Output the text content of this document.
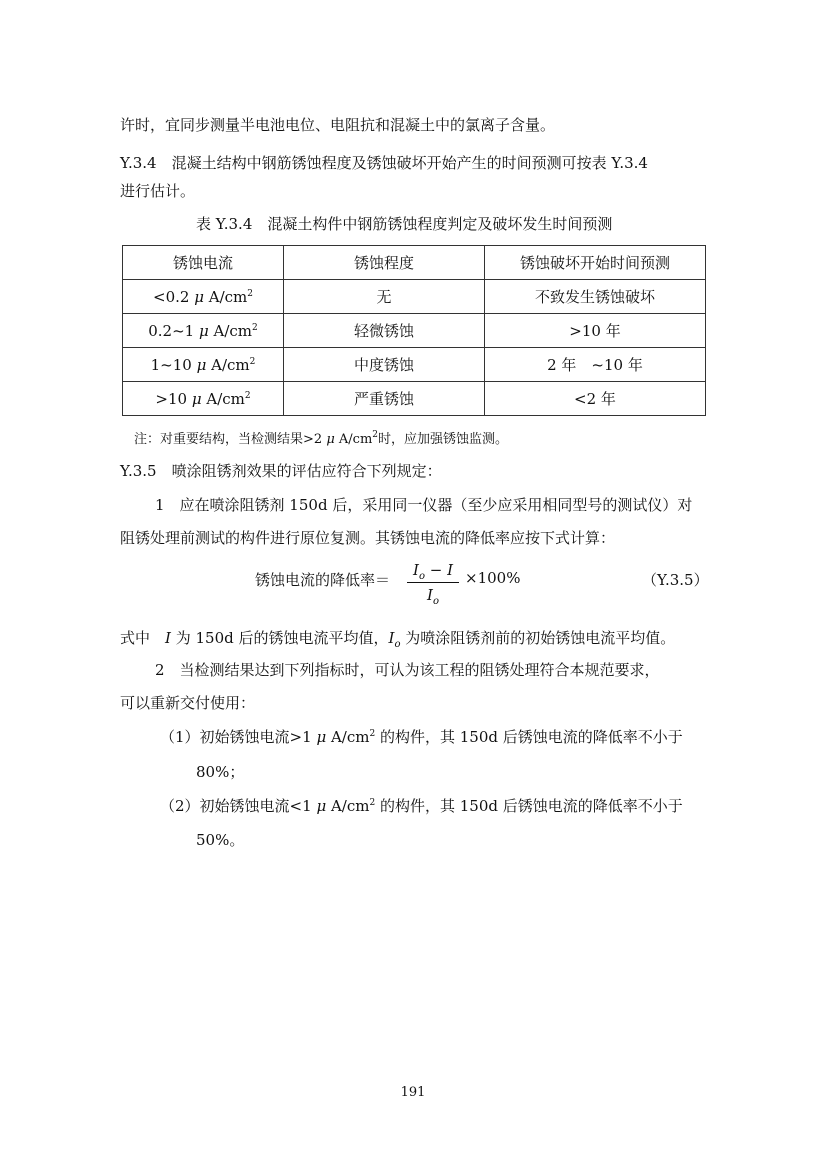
许时，宜同步测量半电池电位、电阻抗和混凝土中的氯离子含量。
Y.3.4　混凝土结构中钢筋锈蚀程度及锈蚀破坏开始产生的时间预测可按表 Y.3.4
进行估计。
表 Y.3.4　混凝土构件中钢筋锈蚀程度判定及破坏发生时间预测
锈蚀电流	锈蚀程度	锈蚀破坏开始时间预测
<0.2 μ $A/cm^2$	无	不致发生锈蚀破坏
0.2~1 μ $A/cm^2$	轻微锈蚀	>10 年
1~10 μ $A/cm^2$	中度锈蚀	2 年　~10 年
>10 μ $A/cm^2$	严重锈蚀	<2 年
注：对重要结构，当检测结果>2 μ $A/cm^2$时，应加强锈蚀监测。
Y.3.5　喷涂阻锈剂效果的评估应符合下列规定：
1　应在喷涂阻锈剂 150d 后，采用同一仪器（至少应采用相同型号的测试仪）对
阻锈处理前测试的构件进行原位复测。其锈蚀电流的降低率应按下式计算：
锈蚀电流的降低率＝
$I_o - I$
$I_o$
×100%	（Y.3.5）
式中　I 为 150d 后的锈蚀电流平均值，$I_o$ 为喷涂阻锈剂前的初始锈蚀电流平均值。
2　当检测结果达到下列指标时，可认为该工程的阻锈处理符合本规范要求，
可以重新交付使用：
（1）初始锈蚀电流>1 μ $A/cm^2$ 的构件，其 150d 后锈蚀电流的降低率不小于
80%；
（2）初始锈蚀电流<1 μ $A/cm^2$ 的构件，其 150d 后锈蚀电流的降低率不小于
50%。
191
